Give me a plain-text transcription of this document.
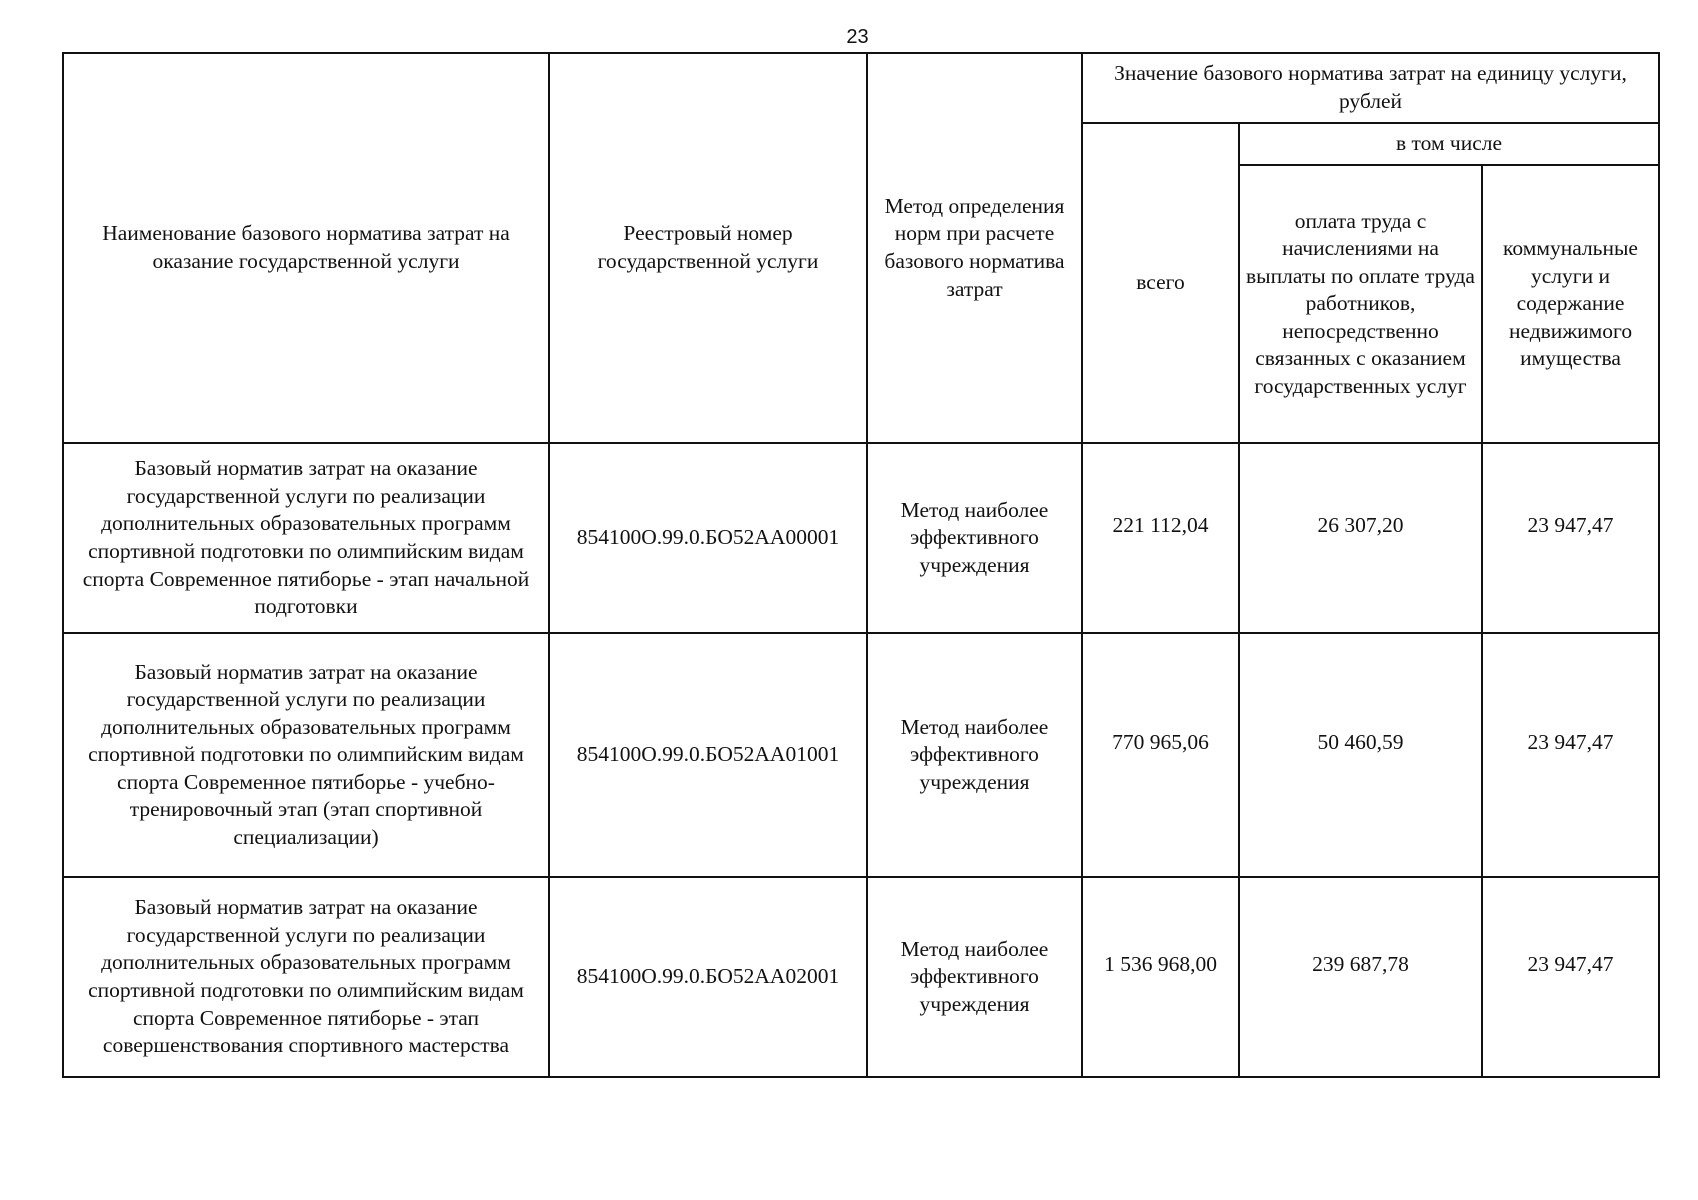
23
Наименование базового норматива затрат на оказание государственной услуги	Реестровый номер государственной услуги	Метод определения норм при расчете базового норматива затрат	Значение базового норматива затрат на единицу услуги, рублей		
			всего	в том числе	
				оплата труда с начислениями на выплаты по оплате труда работников, непосредственно связанных с оказанием государственных услуг	коммунальные услуги и содержание недвижимого имущества
Базовый норматив затрат на оказание государственной услуги по реализации дополнительных образовательных программ спортивной подготовки по олимпийским видам спорта Современное пятиборье - этап начальной подготовки	854100О.99.0.БО52АА00001	Метод наиболее эффективного учреждения	221 112,04	26 307,20	23 947,47
Базовый норматив затрат на оказание государственной услуги по реализации дополнительных образовательных программ спортивной подготовки по олимпийским видам спорта Современное пятиборье - учебно-тренировочный этап (этап спортивной специализации)	854100О.99.0.БО52АА01001	Метод наиболее эффективного учреждения	770 965,06	50 460,59	23 947,47
Базовый норматив затрат на оказание государственной услуги по реализации дополнительных образовательных программ спортивной подготовки по олимпийским видам спорта Современное пятиборье - этап совершенствования спортивного мастерства	854100О.99.0.БО52АА02001	Метод наиболее эффективного учреждения	1 536 968,00	239 687,78	23 947,47
